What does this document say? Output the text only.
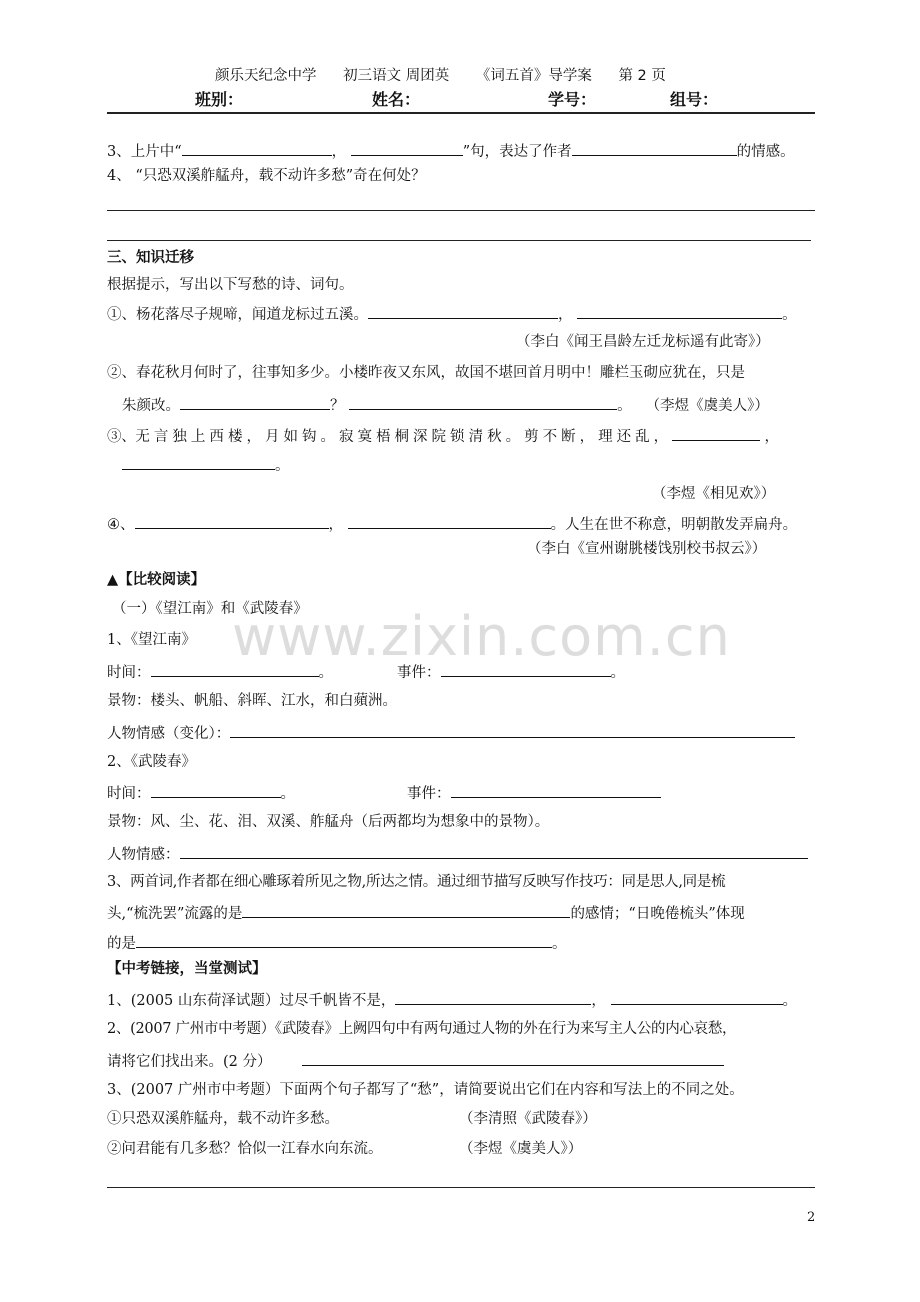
颜乐天纪念中学 初三语文 周团英 《词五首》导学案 第 2 页
班别：	姓名：	学号：	组号：
3、上片中“	，	”句，表达了作者	的情感。
4、 “只恐双溪舴艋舟，载不动许多愁”奇在何处？
三、知识迁移
根据提示，写出以下写愁的诗、词句。
①、杨花落尽子规啼，闻道龙标过五溪。	，	。
（李白《闻王昌龄左迁龙标遥有此寄》）
②、春花秋月何时了，往事知多少。小楼昨夜又东风，故国不堪回首月明中！雕栏玉砌应犹在，只是
朱颜改。	？	。 （李煜《虞美人》）
③、无 言 独 上 西 楼 ， 月 如 钩 。 寂 寞 梧 桐 深 院 锁 清 秋 。 剪 不 断 ， 理 还 乱 ，	，
。
（李煜《相见欢》）
④、	，	。人生在世不称意，明朝散发弄扁舟。
（李白《宣州谢朓楼饯别校书叔云》）
▲【比较阅读】
（一）《望江南》和《武陵春》
1、《望江南》
时间：	。	事件：	。
景物：楼头、帆船、斜晖、江水，和白蘋洲。
人物情感（变化）：
2、《武陵春》
时间：	。	事件：
景物：风、尘、花、泪、双溪、舴艋舟（后两都均为想象中的景物）。
人物情感：
3、两首词,作者都在细心雕琢着所见之物,所达之情。通过细节描写反映写作技巧：同是思人,同是梳
头,“梳洗罢”流露的是	的感情；“日晚倦梳头”体现
的是	。
【中考链接，当堂测试】
1、(2005 山东荷泽试题）过尽千帆皆不是，	，	。
2、(2007 广州市中考题）《武陵春》上阙四句中有两句通过人物的外在行为来写主人公的内心哀愁，
请将它们找出来。(2 分）
3、(2007 广州市中考题）下面两个句子都写了“愁”，请简要说出它们在内容和写法上的不同之处。
①只恐双溪舴艋舟，载不动许多愁。	（李清照《武陵春》）
②问君能有几多愁？恰似一江春水向东流。	（李煜《虞美人》）
2
www.zixin.com.cn
